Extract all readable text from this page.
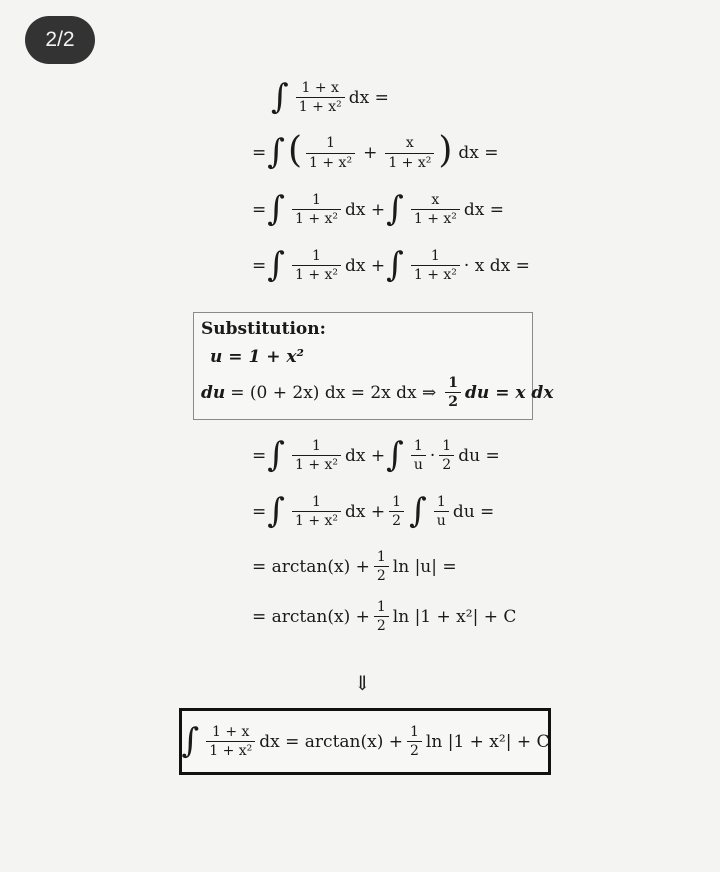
2/2
∫ $\frac{1 + x}{\text{1 + x²}}$ dx =
= ∫ ( $\frac{1}{\text{1 + x²}} + \frac{x}{\text{1 + x²}}$ ) dx =
= ∫ $\frac{1}{\text{1 + x²}}$ dx + ∫ $\frac{x}{\text{1 + x²}}$ dx =
= ∫ $\frac{1}{\text{1 + x²}}$ dx + ∫ $\frac{1}{\text{1 + x²}} \cdot x$ dx =
Substitution:
u = 1 + x²
du = (0 + 2x) dx = 2x dx ⇒ $\frac{1}{2}$ du = x dx
= ∫ $\frac{1}{\text{1 + x²}}$ dx + ∫ $\frac{1}{u} \cdot \frac{1}{2}$ du =
= ∫ $\frac{1}{\text{1 + x²}}$ dx + $\frac{1}{2}$ ∫ $\frac{1}{u}$ du =
= $\arctan(x) + \frac{1}{2}$ ln |u| =
= $\arctan(x) + \frac{1}{2}$ ln |1 + x²| + C
⇓
∫ $\frac{1 + x}{\text{1 + x²}}$ dx = $\arctan(x) + \frac{1}{2}$ ln |1 + x²| + C
